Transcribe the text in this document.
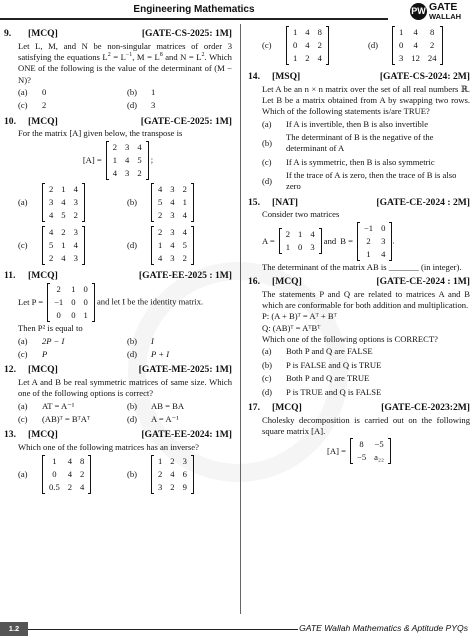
Engineering Mathematics	PW GATE
WALLAH
9. [MCQ]	[GATE-CS-2025: 1M]
Let L, M, and N be non-singular matrices of order 3 satisfying the equations $L^2 = L^{-1}$, $M = L^8$ and $N = L^2$. Which ONE of the following is the value of the determinant of (M − N)?
(a)	0	(b)	1
(c)	2	(d)	3
10. [MCQ]	[GATE-CE-2025: 1M]
For the matrix [A] given below, the transpose is
[A] =
2	3	4
1	4	5
4	3	2
;
(a)
2	1	4
3	4	3
4	5	2
(b)
4	3	2
5	4	1
2	3	4
(c)
4	2	3
5	1	4
2	4	3
(d)
2	3	4
1	4	5
4	3	2
11. [MCQ]	[GATE-EE-2025 : 1M]
Let P =
2	1	0
−1	0	0
0	0	1
and let I be the identity matrix.
Then P² is equal to
(a)	2P − I	(b)	I
(c)	P	(d)	P + I
12. [MCQ]	[GATE-ME-2025: 1M]
Let A and B be real symmetric matrices of same size. Which one of the following options is correct?
(a)	AT = A⁻¹	(b)	AB = BA
(c)	(AB)ᵀ = BᵀAᵀ	(d)	A = A⁻¹
13. [MCQ]	[GATE-EE-2024: 1M]
Which one of the following matrices has an inverse?
(a)
1	4	8
0	4	2
0.5	2	4
(b)
1	2	3
2	4	6
3	2	9
(c)
1	4	8
0	4	2
1	2	4
(d)
1	4	8
0	4	2
3	12	24
14. [MSQ]	[GATE-CS-2024: 2M]
Let A be an n × n matrix over the set of all real numbers ℝ. Let B be a matrix obtained from A by swapping two rows. Which of the following statements is/are TRUE?
(a)	If A is invertible, then B is also invertible
(b)
The determinant of B is the negative of the determinant of A
(c)	If A is symmetric, then B is also symmetric
(d)
If the trace of A is zero, then the trace of B is also zero
15. [NAT]	[GATE-CE-2024 : 2M]
Consider two matrices
A =
2	1	4
1	0	3
and B =
−1	0
2	3
1	4
.
The determinant of the matrix AB is _______ (in integer).
16. [MCQ]	[GATE-CE-2024 : 1M]
The statements P and Q are related to matrices A and B which are conformable for both addition and multiplication.
P: (A + B)ᵀ = Aᵀ + Bᵀ
Q: (AB)ᵀ = AᵀBᵀ
Which one of the following options is CORRECT?
(a)	Both P and Q are FALSE
(b)	P is FALSE and Q is TRUE
(c)	Both P and Q are TRUE
(d)	P is TRUE and Q is FALSE
17. [MCQ]	[GATE-CE-2023:2M]
Cholesky decomposition is carried out on the following square matrix [A].
[A] =
8	−5
−5	a₂₂
1.2	GATE Wallah Mathematics & Aptitude PYQs
